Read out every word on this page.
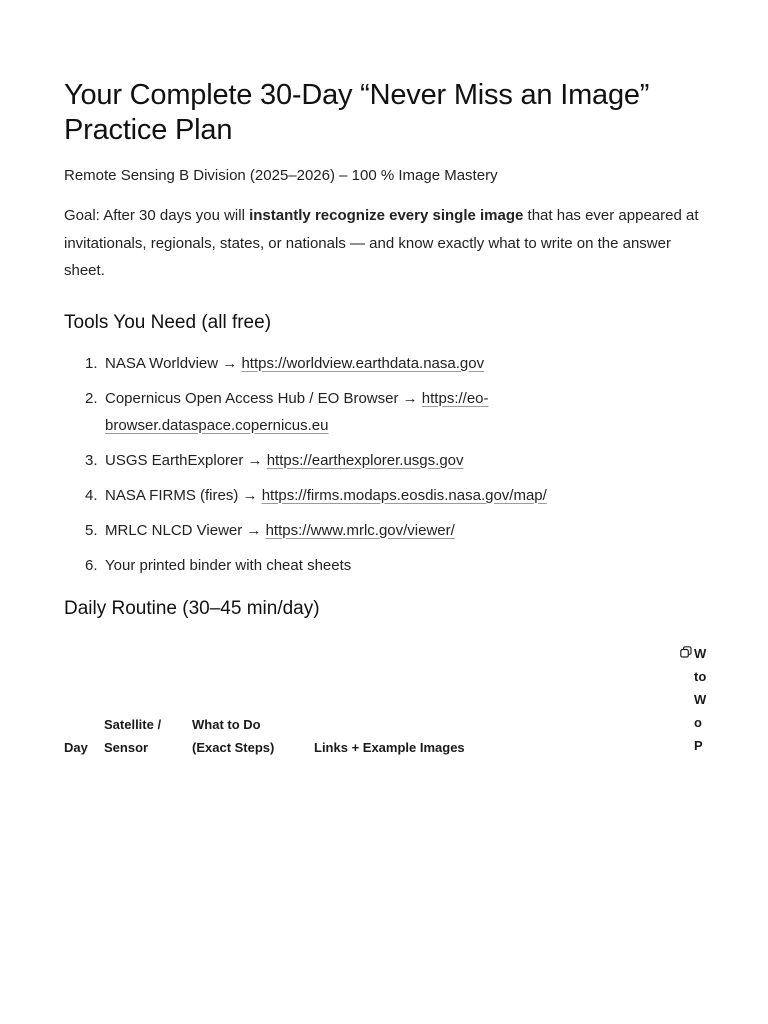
Your Complete 30-Day “Never Miss an Image” Practice Plan
Remote Sensing B Division (2025–2026) – 100 % Image Mastery
Goal: After 30 days you will instantly recognize every single image that has ever appeared at invitationals, regionals, states, or nationals — and know exactly what to write on the answer sheet.
Tools You Need (all free)
1. NASA Worldview → https://worldview.earthdata.nasa.gov
2. Copernicus Open Access Hub / EO Browser → https://eo-browser.dataspace.copernicus.eu
3. USGS EarthExplorer → https://earthexplorer.usgs.gov
4. NASA FIRMS (fires) → https://firms.modaps.eosdis.nasa.gov/map/
5. MRLC NLCD Viewer → https://www.mrlc.gov/viewer/
6. Your printed binder with cheat sheets
Daily Routine (30–45 min/day)
Day
Satellite / Sensor
What to Do (Exact Steps)	Links + Example Images
W
to
W
o
P
